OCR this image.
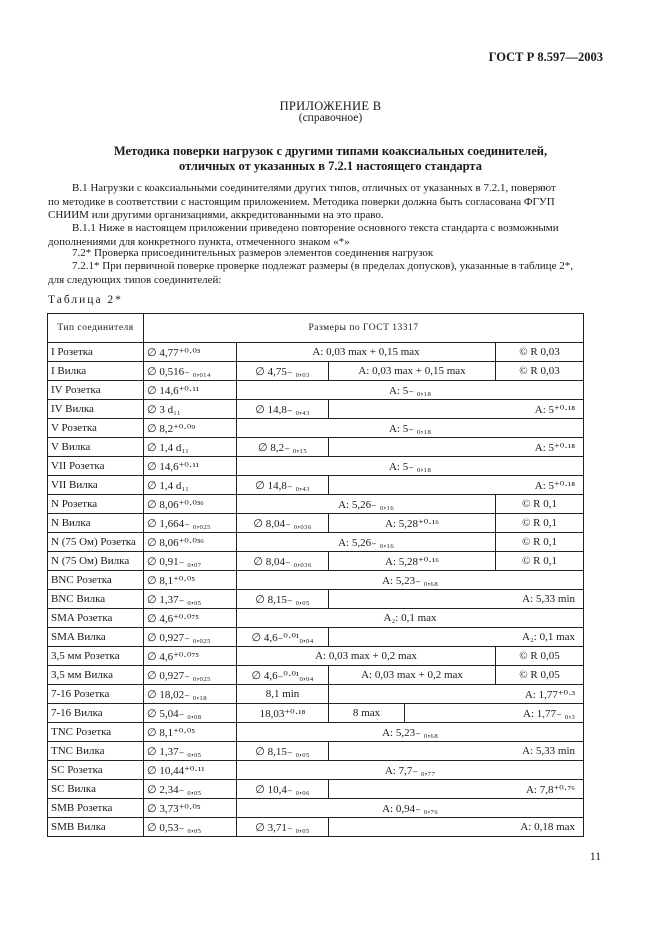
ГОСТ Р 8.597—2003
ПРИЛОЖЕНИЕ В
(справочное)
Методика поверки нагрузок с другими типами коаксиальных соединителей,
отличных от указанных в 7.2.1 настоящего стандарта
В.1 Нагрузки с коаксиальными соединителями других типов, отличных от указанных в 7.2.1, поверяют
по методике в соответствии с настоящим приложением. Методика поверки должна быть согласована ФГУП
СНИИМ или другими организациями, аккредитованными на это право.
В.1.1 Ниже в настоящем приложении приведено повторение основного текста стандарта с возможными
дополнениями для конкретного пункта, отмеченного знаком «*»
7.2* Проверка присоединительных размеров элементов соединения нагрузок
7.2.1* При первичной поверке проверке подлежат размеры (в пределах допусков), указанные в таблице 2*,
для следующих типов соединителей:
Таблица 2*
Тип соединителя	Размеры по ГОСТ 13317				
I Розетка	∅ 4,77⁺⁰·⁰³	A: 0,03 max + 0,15 max			© R 0,03
I Вилка	∅ 0,516₋ ₀,₀₁₄	∅ 4,75₋ ₀,₀₃	A: 0,03 max + 0,15 max		© R 0,03
IV Розетка	∅ 14,6⁺⁰·¹¹	A: 5₋ ₀,₁₈			
IV Вилка	∅ 3 d₁₁	∅ 14,8₋ ₀,₄₃	A: 5⁺⁰·¹⁸		
V Розетка	∅ 8,2⁺⁰·⁰⁹	A: 5₋ ₀,₁₈			
V Вилка	∅ 1,4 d₁₁	∅ 8,2₋ ₀,₁₅	A: 5⁺⁰·¹⁸		
VII Розетка	∅ 14,6⁺⁰·¹¹	A: 5₋ ₀,₁₈			
VII Вилка	∅ 1,4 d₁₁	∅ 14,8₋ ₀,₄₃	A: 5⁺⁰·¹⁸		
N Розетка	∅ 8,06⁺⁰·⁰³⁶	A: 5,26₋ ₀,₁₆			© R 0,1
N Вилка	∅ 1,664₋ ₀,₀₂₅	∅ 8,04₋ ₀,₀₃₆	A: 5,28⁺⁰·¹⁶		© R 0,1
N (75 Ом) Розетка	∅ 8,06⁺⁰·⁰³⁶	A: 5,26₋ ₀,₁₆			© R 0,1
N (75 Ом) Вилка	∅ 0,91₋ ₀,₀₇	∅ 8,04₋ ₀,₀₃₆	A: 5,28⁺⁰·¹⁶		© R 0,1
BNC Розетка	∅ 8,1⁺⁰·⁰⁵	A: 5,23₋ ₀,₆₈			
BNC Вилка	∅ 1,37₋ ₀,₀₅	∅ 8,15₋ ₀,₀₅	A: 5,33 min		
SMA Розетка	∅ 4,6⁺⁰·⁰⁷⁵	A₂: 0,1 max			
SMA Вилка	∅ 0,927₋ ₀,₀₂₅	∅ 4,6₋⁰·⁰¹₀,₀₄	A₂: 0,1 max		
3,5 мм Розетка	∅ 4,6⁺⁰·⁰⁷⁵	A: 0,03 max + 0,2 max			© R 0,05
3,5 мм Вилка	∅ 0,927₋ ₀,₀₂₅	∅ 4,6₋⁰·⁰¹₀,₀₄	A: 0,03 max + 0,2 max		© R 0,05
7-16 Розетка	∅ 18,02₋ ₀,₁₈	8,1 min	A: 1,77⁺⁰·³		
7-16 Вилка	∅ 5,04₋ ₀,₀₈	18,03⁺⁰·¹⁸	8 max	A: 1,77₋ ₀,₃	
TNC Розетка	∅ 8,1⁺⁰·⁰⁵	A: 5,23₋ ₀,₆₈			
TNC Вилка	∅ 1,37₋ ₀,₀₅	∅ 8,15₋ ₀,₀₅	A: 5,33 min		
SC Розетка	∅ 10,44⁺⁰·¹¹	A: 7,7₋ ₀,₇₇			
SC Вилка	∅ 2,34₋ ₀,₀₅	∅ 10,4₋ ₀,₀₆	A: 7,8⁺⁰·⁷⁶		
SMB Розетка	∅ 3,73⁺⁰·⁰⁵	A: 0,94₋ ₀,₇₆			
SMB Вилка	∅ 0,53₋ ₀,₀₅	∅ 3,71₋ ₀,₀₅	A: 0,18 max		
11
